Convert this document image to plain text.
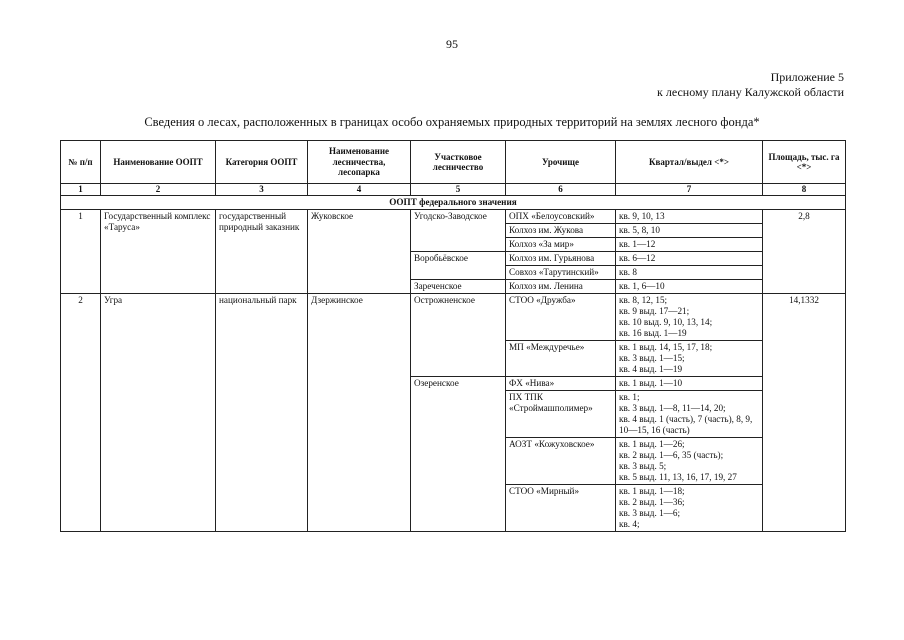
95
Приложение 5
к лесному плану Калужской области
Сведения о лесах, расположенных в границах особо охраняемых природных территорий на землях лесного фонда*
№ п/п	Наименование ООПТ	Категория ООПТ	Наименование лесничества, лесопарка	Участковое лесничество	Урочище	Квартал/выдел <*>	Площадь, тыс. га <*>
1	2	3	4	5	6	7	8
ООПТ федерального значения							
1	Государственный комплекс «Таруса»	государственный природный заказник	Жуковское	Угодско-Заводское	ОПХ «Белоусовский»	кв. 9, 10, 13	2,8
					Колхоз им. Жукова	кв. 5, 8, 10	
					Колхоз «За мир»	кв. 1—12	
				Воробьёвское	Колхоз им. Гурьянова	кв. 6—12	
					Совхоз «Тарутинский»	кв. 8	
				Зареченское	Колхоз им. Ленина	кв. 1, 6—10	
2	Угра	национальный парк	Дзержинское	Острожненское	СТОО «Дружба»	кв. 8, 12, 15;
кв. 9 выд. 17—21;
кв. 10 выд. 9, 10, 13, 14;
кв. 16 выд. 1—19	14,1332
					МП «Междуречье»	кв. 1 выд. 14, 15, 17, 18;
кв. 3 выд. 1—15;
кв. 4 выд. 1—19	

				Озеренское	ФХ «Нива»	кв. 1 выд. 1—10	

					ПХ ТПК «Строймашполимер»	кв. 1;
кв. 3 выд. 1—8, 11—14, 20;
кв. 4 выд. 1 (часть), 7 (часть), 8, 9, 10—15, 16 (часть)	

					АОЗТ «Кожуховское»	кв. 1 выд. 1—26;
кв. 2 выд. 1—6, 35 (часть);
кв. 3 выд. 5;
кв. 5 выд. 11, 13, 16, 17, 19, 27	

					СТОО «Мирный»	кв. 1 выд. 1—18;
кв. 2 выд. 1—36;
кв. 3 выд. 1—6;
кв. 4;	
